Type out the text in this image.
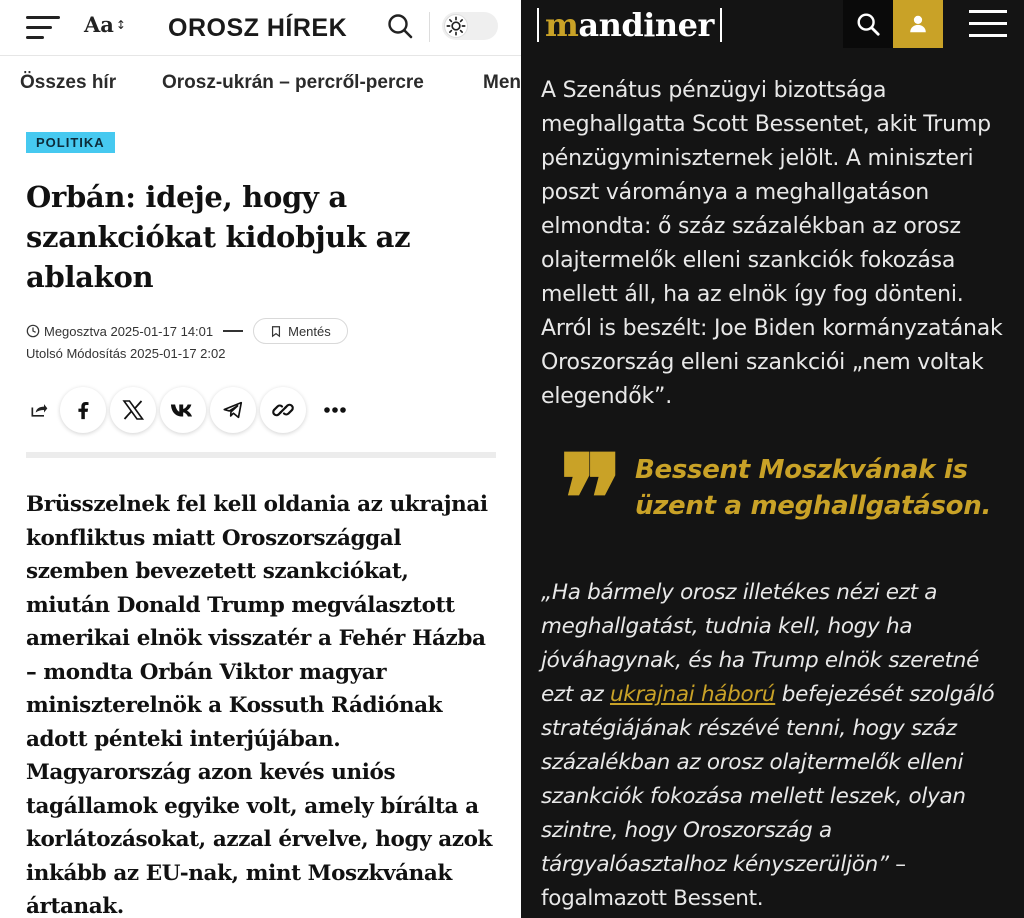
Aa ↕ OROSZ HÍREK
Összes hír Orosz-ukrán – percről-percre	Men
POLITIKA
Orbán: ideje, hogy a szankciókat kidobjuk az ablakon
Megosztva 2025-01-17 14:01	Mentés
Utolsó Módosítás 2025-01-17 2:02

Brüsszelnek fel kell oldania az ukrajnai konfliktus miatt Oroszországgal szemben bevezetett szankciókat, miután Donald Trump megválasztott amerikai elnök visszatér a Fehér Házba – mondta Orbán Viktor magyar miniszterelnök a Kossuth Rádiónak adott pénteki interjújában. Magyarország azon kevés uniós tagállamok egyike volt, amely bírálta a korlátozásokat, azzal érvelve, hogy azok inkább az EU-nak, mint Moszkvának ártanak.

mandiner

A Szenátus pénzügyi bizottsága meghallgatta Scott Bessentet, akit Trump pénzügyminiszternek jelölt. A miniszteri poszt várománya a meghallgatáson elmondta: ő száz százalékban az orosz olajtermelők elleni szankciók fokozása mellett áll, ha az elnök így fog dönteni. Arról is beszélt: Joe Biden kormányzatának Oroszország elleni szankciói „nem voltak elegendők”.

❞ Bessent Moszkvának is üzent a meghallgatáson.

„Ha bármely orosz illetékes nézi ezt a meghallgatást, tudnia kell, hogy ha jóváhagynak, és ha Trump elnök szeretné ezt az ukrajnai háború befejezését szolgáló stratégiájának részévé tenni, hogy száz százalékban az orosz olajtermelők elleni szankciók fokozása mellett leszek, olyan szintre, hogy Oroszország a tárgyalóasztalhoz kényszerüljön” – fogalmazott Bessent.
